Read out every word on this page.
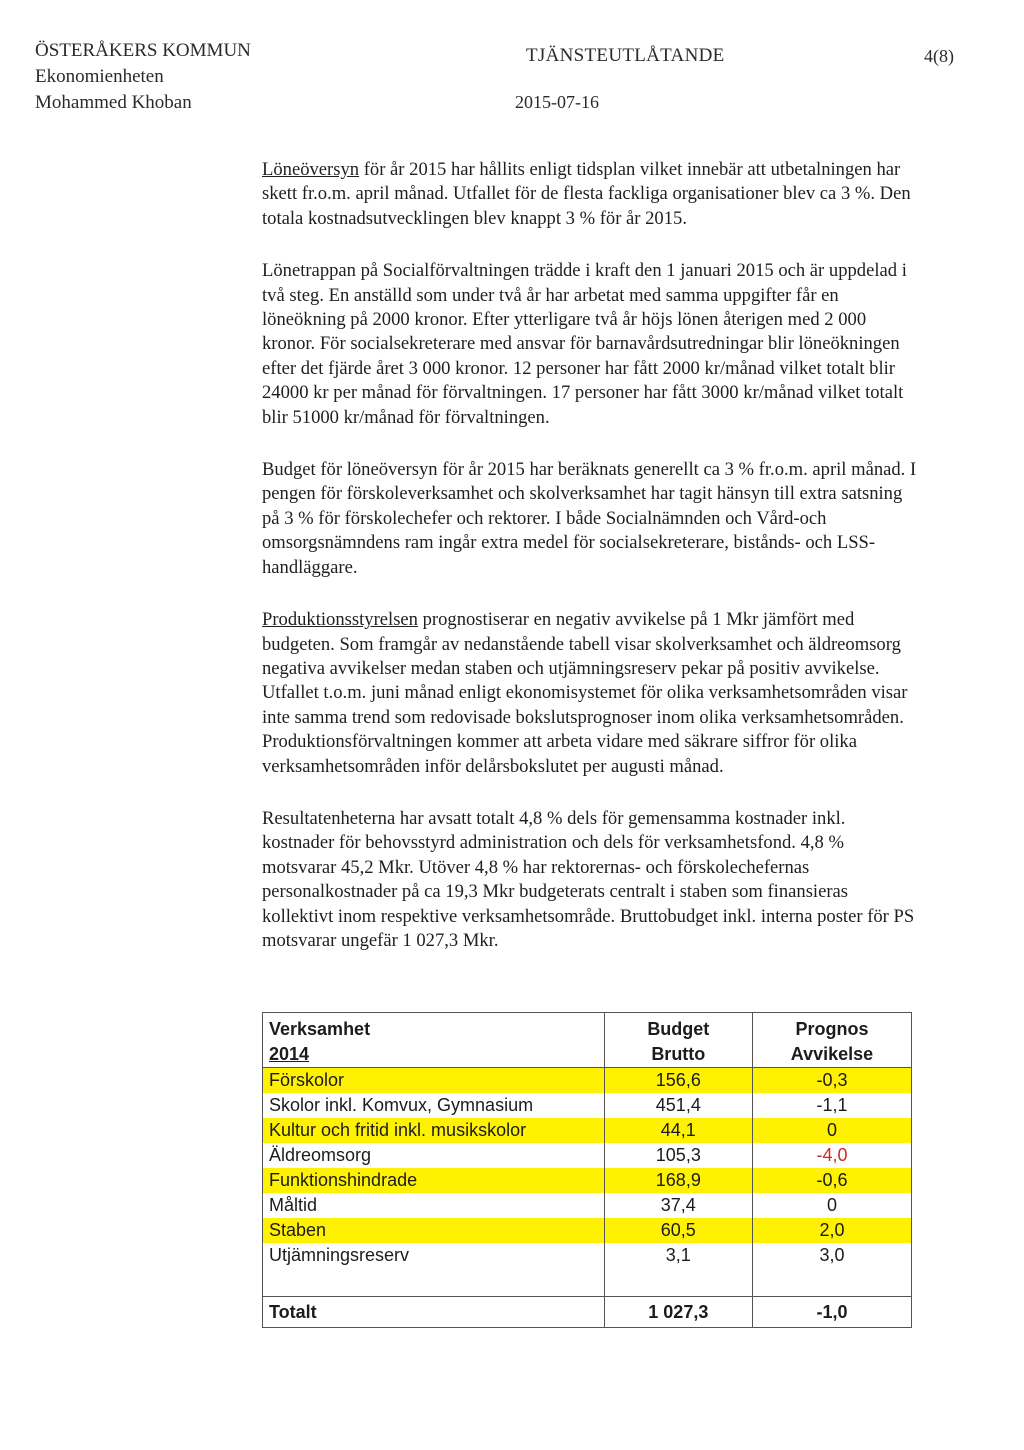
ÖSTERÅKERS KOMMUN
Ekonomienheten
Mohammed Khoban
TJÄNSTEUTLÅTANDE
2015-07-16
4(8)

Löneöversyn för år 2015 har hållits enligt tidsplan vilket innebär att utbetalningen har skett fr.o.m. april månad. Utfallet för de flesta fackliga organisationer blev ca 3 %. Den totala kostnadsutvecklingen blev knappt 3 % för år 2015.

Lönetrappan på Socialförvaltningen trädde i kraft den 1 januari 2015 och är uppdelad i två steg. En anställd som under två år har arbetat med samma uppgifter får en löneökning på 2000 kronor. Efter ytterligare två år höjs lönen återigen med 2 000 kronor. För socialsekreterare med ansvar för barnavårdsutredningar blir löneökningen efter det fjärde året 3 000 kronor. 12 personer har fått 2000 kr/månad vilket totalt blir 24000 kr per månad för förvaltningen. 17 personer har fått 3000 kr/månad vilket totalt blir 51000 kr/månad för förvaltningen.

Budget för löneöversyn för år 2015 har beräknats generellt ca 3 % fr.o.m. april månad. I pengen för förskoleverksamhet och skolverksamhet har tagit hänsyn till extra satsning på 3 % för förskolechefer och rektorer. I både Socialnämnden och Vård-och omsorgsnämndens ram ingår extra medel för socialsekreterare, bistånds- och LSS-handläggare.

Produktionsstyrelsen prognostiserar en negativ avvikelse på 1 Mkr jämfört med budgeten. Som framgår av nedanstående tabell visar skolverksamhet och äldreomsorg negativa avvikelser medan staben och utjämningsreserv pekar på positiv avvikelse. Utfallet t.o.m. juni månad enligt ekonomisystemet för olika verksamhetsområden visar inte samma trend som redovisade bokslutsprognoser inom olika verksamhetsområden. Produktionsförvaltningen kommer att arbeta vidare med säkrare siffror för olika verksamhetsområden inför delårsbokslutet per augusti månad.

Resultatenheterna har avsatt totalt 4,8 % dels för gemensamma kostnader inkl. kostnader för behovsstyrd administration och dels för verksamhetsfond. 4,8 % motsvarar 45,2 Mkr. Utöver 4,8 % har rektorernas- och förskolechefernas personalkostnader på ca 19,3 Mkr budgeterats centralt i staben som finansieras kollektivt inom respektive verksamhetsområde. Bruttobudget inkl. interna poster för PS motsvarar ungefär 1 027,3 Mkr.

Verksamhet	Budget	Prognos
2014	Brutto	Avvikelse
Förskolor	156,6	-0,3
Skolor inkl. Komvux, Gymnasium	451,4	-1,1
Kultur och fritid inkl. musikskolor	44,1	0
Äldreomsorg	105,3	-4,0
Funktionshindrade	168,9	-0,6
Måltid	37,4	0
Staben	60,5	2,0
Utjämningsreserv	3,1	3,0

Totalt	1 027,3	-1,0
